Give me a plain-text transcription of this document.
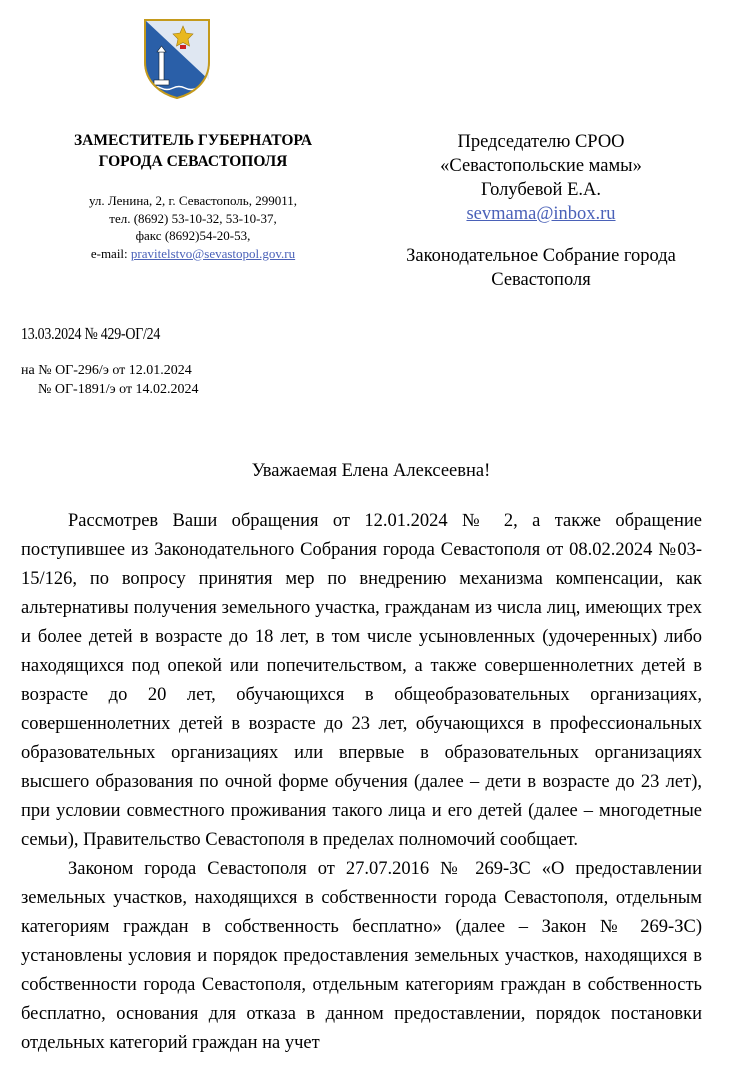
ЗАМЕСТИТЕЛЬ ГУБЕРНАТОРА
ГОРОДА СЕВАСТОПОЛЯ
ул. Ленина, 2, г. Севастополь, 299011,
тел. (8692) 53-10-32, 53-10-37,
факс (8692)54-20-53,
e-mail: pravitelstvo@sevastopol.gov.ru
Председателю СРОО
«Севастопольские мамы»
Голубевой Е.А.
sevmama@inbox.ru
Законодательное Собрание города
Севастополя
13.03.2024 № 429-ОГ/24
на № ОГ-296/э от 12.01.2024
№ ОГ-1891/э от 14.02.2024
Уважаемая Елена Алексеевна!

Рассмотрев Ваши обращения от 12.01.2024 № 2, а также обращение поступившее из Законодательного Собрания города Севастополя от 08.02.2024 №03-15/126, по вопросу принятия мер по внедрению механизма компенсации, как альтернативы получения земельного участка, гражданам из числа лиц, имеющих трех и более детей в возрасте до 18 лет, в том числе усыновленных (удочеренных) либо находящихся под опекой или попечительством, а также совершеннолетних детей в возрасте до 20 лет, обучающихся в общеобразовательных организациях, совершеннолетних детей в возрасте до 23 лет, обучающихся в профессиональных образовательных организациях или впервые в образовательных организациях высшего образования по очной форме обучения (далее – дети в возрасте до 23 лет), при условии совместного проживания такого лица и его детей (далее – многодетные семьи), Правительство Севастополя в пределах полномочий сообщает.

Законом города Севастополя от 27.07.2016 № 269-ЗС «О предоставлении земельных участков, находящихся в собственности города Севастополя, отдельным категориям граждан в собственность бесплатно» (далее – Закон № 269-ЗС) установлены условия и порядок предоставления земельных участков, находящихся в собственности города Севастополя, отдельным категориям граждан в собственность бесплатно, основания для отказа в данном предоставлении, порядок постановки отдельных категорий граждан на учет
